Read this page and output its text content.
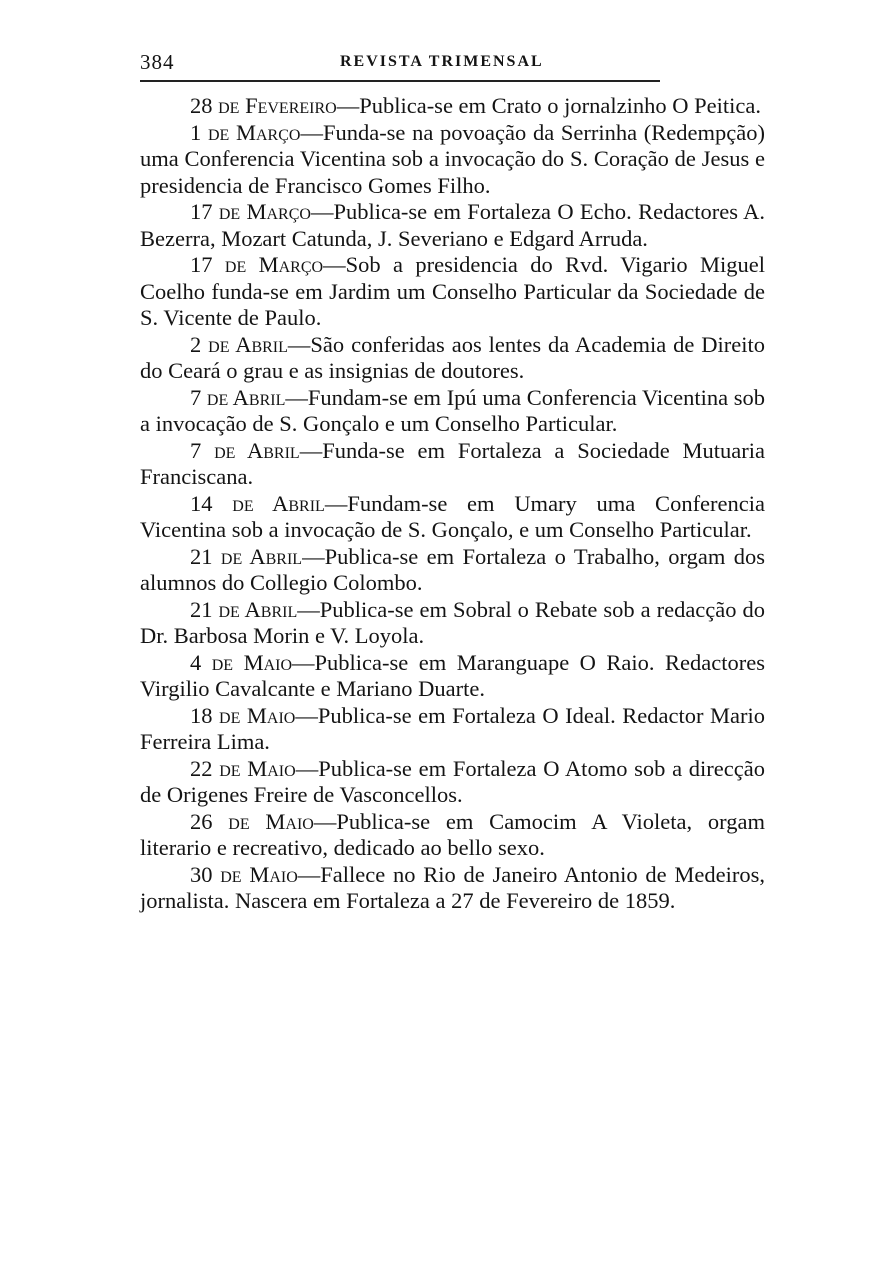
384	REVISTA TRIMENSAL

28 de Fevereiro—Publica-se em Crato o jornalzinho O Peitica.

1 de Março—Funda-se na povoação da Serrinha (Redempção) uma Conferencia Vicentina sob a invocação do S. Coração de Jesus e presidencia de Francisco Gomes Filho.

17 de Março—Publica-se em Fortaleza O Echo. Redactores A. Bezerra, Mozart Catunda, J. Severiano e Edgard Arruda.

17 de Março—Sob a presidencia do Rvd. Vigario Miguel Coelho funda-se em Jardim um Conselho Particular da Sociedade de S. Vicente de Paulo.

2 de Abril—São conferidas aos lentes da Academia de Direito do Ceará o grau e as insignias de doutores.

7 de Abril—Fundam-se em Ipú uma Conferencia Vicentina sob a invocação de S. Gonçalo e um Conselho Particular.

7 de Abril—Funda-se em Fortaleza a Sociedade Mutuaria Franciscana.

14 de Abril—Fundam-se em Umary uma Conferencia Vicentina sob a invocação de S. Gonçalo, e um Conselho Particular.

21 de Abril—Publica-se em Fortaleza o Trabalho, orgam dos alumnos do Collegio Colombo.

21 de Abril—Publica-se em Sobral o Rebate sob a redacção do Dr. Barbosa Morin e V. Loyola.

4 de Maio—Publica-se em Maranguape O Raio. Redactores Virgilio Cavalcante e Mariano Duarte.

18 de Maio—Publica-se em Fortaleza O Ideal. Redactor Mario Ferreira Lima.

22 de Maio—Publica-se em Fortaleza O Atomo sob a direcção de Origenes Freire de Vasconcellos.

26 de Maio—Publica-se em Camocim A Violeta, orgam literario e recreativo, dedicado ao bello sexo.

30 de Maio—Fallece no Rio de Janeiro Antonio de Medeiros, jornalista. Nascera em Fortaleza a 27 de Fevereiro de 1859.
